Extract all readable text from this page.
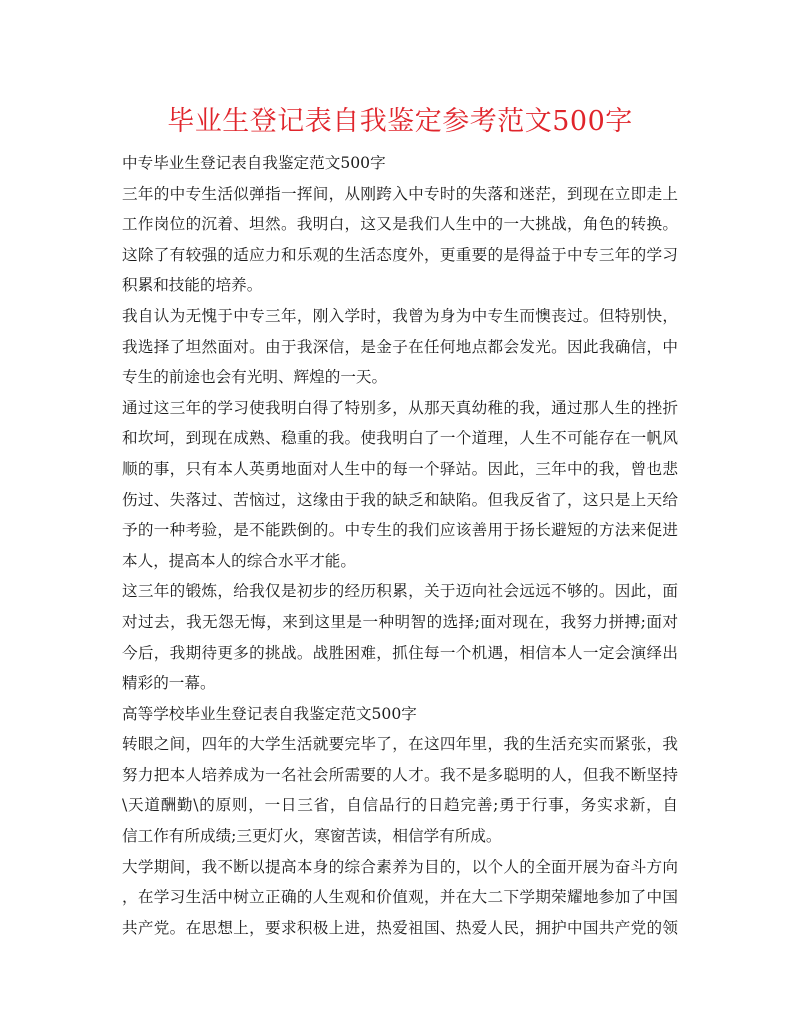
毕业生登记表自我鉴定参考范文500字
中专毕业生登记表自我鉴定范文500字
三年的中专生活似弹指一挥间，从刚跨入中专时的失落和迷茫，到现在立即走上
工作岗位的沉着、坦然。我明白，这又是我们人生中的一大挑战，角色的转换。
这除了有较强的适应力和乐观的生活态度外，更重要的是得益于中专三年的学习
积累和技能的培养。
我自认为无愧于中专三年，刚入学时，我曾为身为中专生而懊丧过。但特别快，
我选择了坦然面对。由于我深信，是金子在任何地点都会发光。因此我确信，中
专生的前途也会有光明、辉煌的一天。
通过这三年的学习使我明白得了特别多，从那天真幼稚的我，通过那人生的挫折
和坎坷，到现在成熟、稳重的我。使我明白了一个道理，人生不可能存在一帆风
顺的事，只有本人英勇地面对人生中的每一个驿站。因此，三年中的我，曾也悲
伤过、失落过、苦恼过，这缘由于我的缺乏和缺陷。但我反省了，这只是上天给
予的一种考验，是不能跌倒的。中专生的我们应该善用于扬长避短的方法来促进
本人，提高本人的综合水平才能。
这三年的锻炼，给我仅是初步的经历积累，关于迈向社会远远不够的。因此，面
对过去，我无怨无悔，来到这里是一种明智的选择;面对现在，我努力拼搏;面对
今后，我期待更多的挑战。战胜困难，抓住每一个机遇，相信本人一定会演绎出
精彩的一幕。
高等学校毕业生登记表自我鉴定范文500字
转眼之间，四年的大学生活就要完毕了，在这四年里，我的生活充实而紧张，我
努力把本人培养成为一名社会所需要的人才。我不是多聪明的人，但我不断坚持
\天道酬勤\的原则，一日三省，自信品行的日趋完善;勇于行事，务实求新，自
信工作有所成绩;三更灯火，寒窗苦读，相信学有所成。
大学期间，我不断以提高本身的综合素养为目的，以个人的全面开展为奋斗方向
，在学习生活中树立正确的人生观和价值观，并在大二下学期荣耀地参加了中国
共产党。在思想上，要求积极上进，热爱祖国、热爱人民，拥护中国共产党的领
